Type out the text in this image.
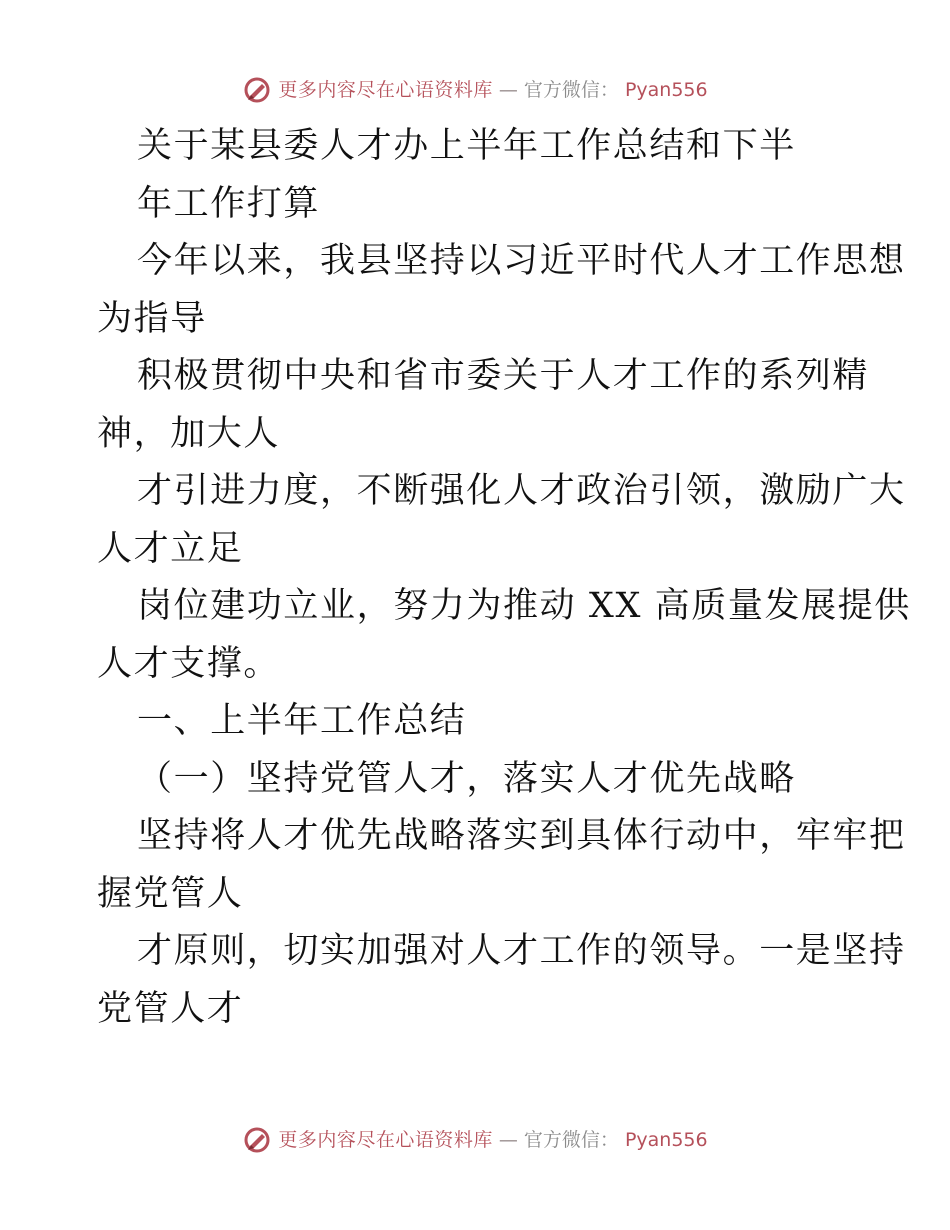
更多内容尽在心语资料库 — 官方微信： Pyan556

关于某县委人才办上半年工作总结和下半
年工作打算

今年以来，我县坚持以习近平时代人才工作思想
为指导

积极贯彻中央和省市委关于人才工作的系列精
神，加大人

才引进力度，不断强化人才政治引领，激励广大
人才立足

岗位建功立业，努力为推动 XX 高质量发展提供
人才支撑。

一、上半年工作总结

（一）坚持党管人才，落实人才优先战略

坚持将人才优先战略落实到具体行动中，牢牢把
握党管人

才原则，切实加强对人才工作的领导。一是坚持
党管人才

更多内容尽在心语资料库 — 官方微信： Pyan556
